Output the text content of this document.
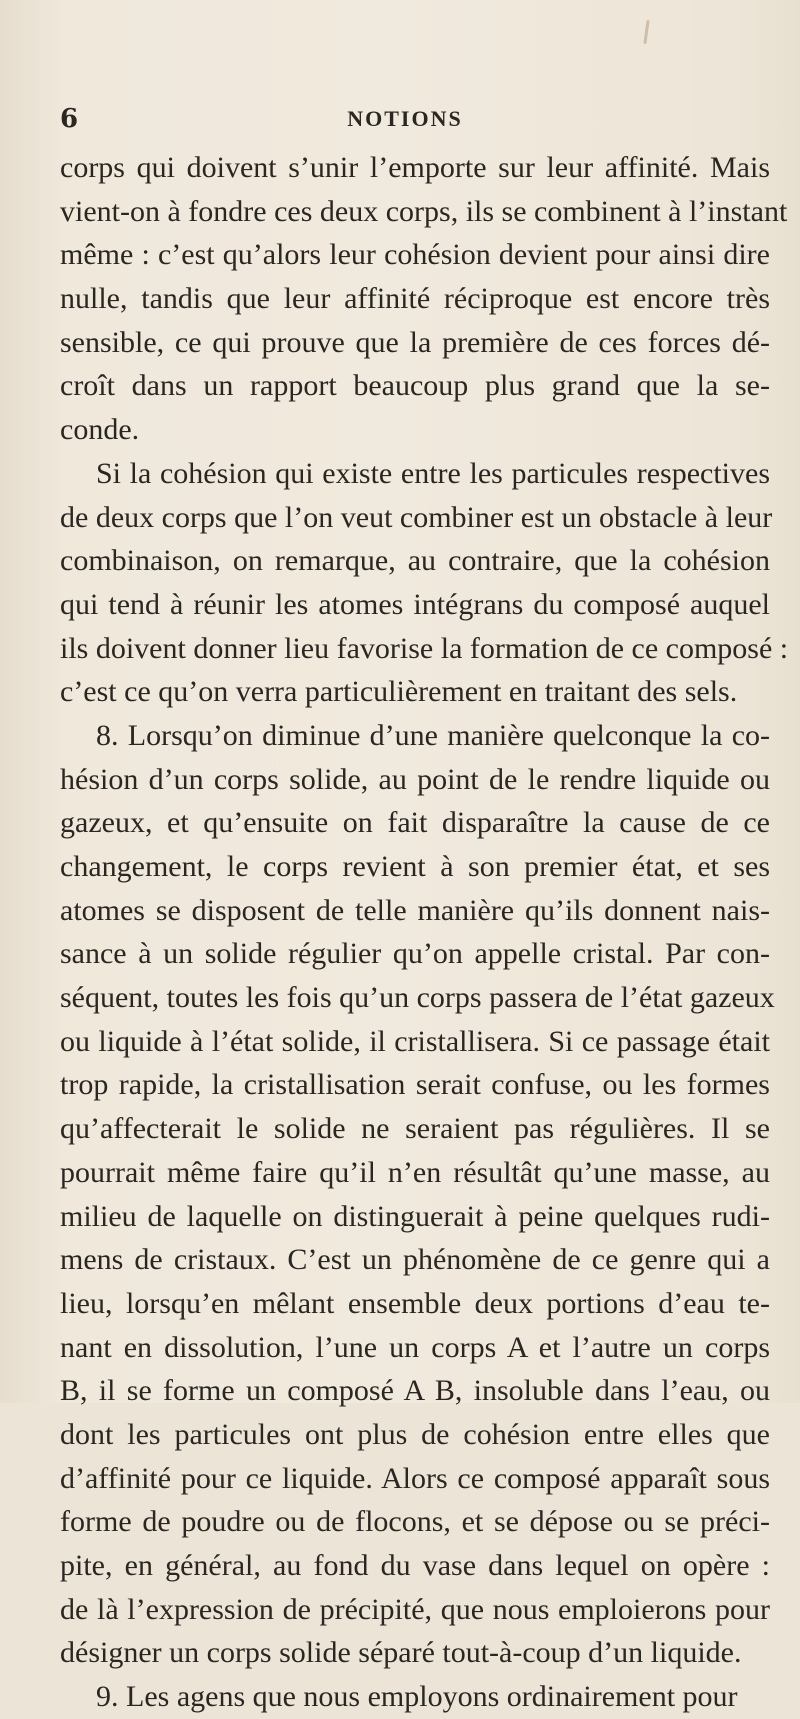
6	NOTIONS
corps qui doivent s’unir l’emporte sur leur affinité. Mais
vient-on à fondre ces deux corps, ils se combinent à l’instant
même : c’est qu’alors leur cohésion devient pour ainsi dire
nulle, tandis que leur affinité réciproque est encore très
sensible, ce qui prouve que la première de ces forces dé-
croît dans un rapport beaucoup plus grand que la se-
conde.
Si la cohésion qui existe entre les particules respectives
de deux corps que l’on veut combiner est un obstacle à leur
combinaison, on remarque, au contraire, que la cohésion
qui tend à réunir les atomes intégrans du composé auquel
ils doivent donner lieu favorise la formation de ce composé :
c’est ce qu’on verra particulièrement en traitant des sels.
8. Lorsqu’on diminue d’une manière quelconque la co-
hésion d’un corps solide, au point de le rendre liquide ou
gazeux, et qu’ensuite on fait disparaître la cause de ce
changement, le corps revient à son premier état, et ses
atomes se disposent de telle manière qu’ils donnent nais-
sance à un solide régulier qu’on appelle cristal. Par con-
séquent, toutes les fois qu’un corps passera de l’état gazeux
ou liquide à l’état solide, il cristallisera. Si ce passage était
trop rapide, la cristallisation serait confuse, ou les formes
qu’affecterait le solide ne seraient pas régulières. Il se
pourrait même faire qu’il n’en résultât qu’une masse, au
milieu de laquelle on distinguerait à peine quelques rudi-
mens de cristaux. C’est un phénomène de ce genre qui a
lieu, lorsqu’en mêlant ensemble deux portions d’eau te-
nant en dissolution, l’une un corps A et l’autre un corps
B, il se forme un composé A B, insoluble dans l’eau, ou
dont les particules ont plus de cohésion entre elles que
d’affinité pour ce liquide. Alors ce composé apparaît sous
forme de poudre ou de flocons, et se dépose ou se préci-
pite, en général, au fond du vase dans lequel on opère :
de là l’expression de précipité, que nous emploierons pour
désigner un corps solide séparé tout-à-coup d’un liquide.
9. Les agens que nous employons ordinairement pour
